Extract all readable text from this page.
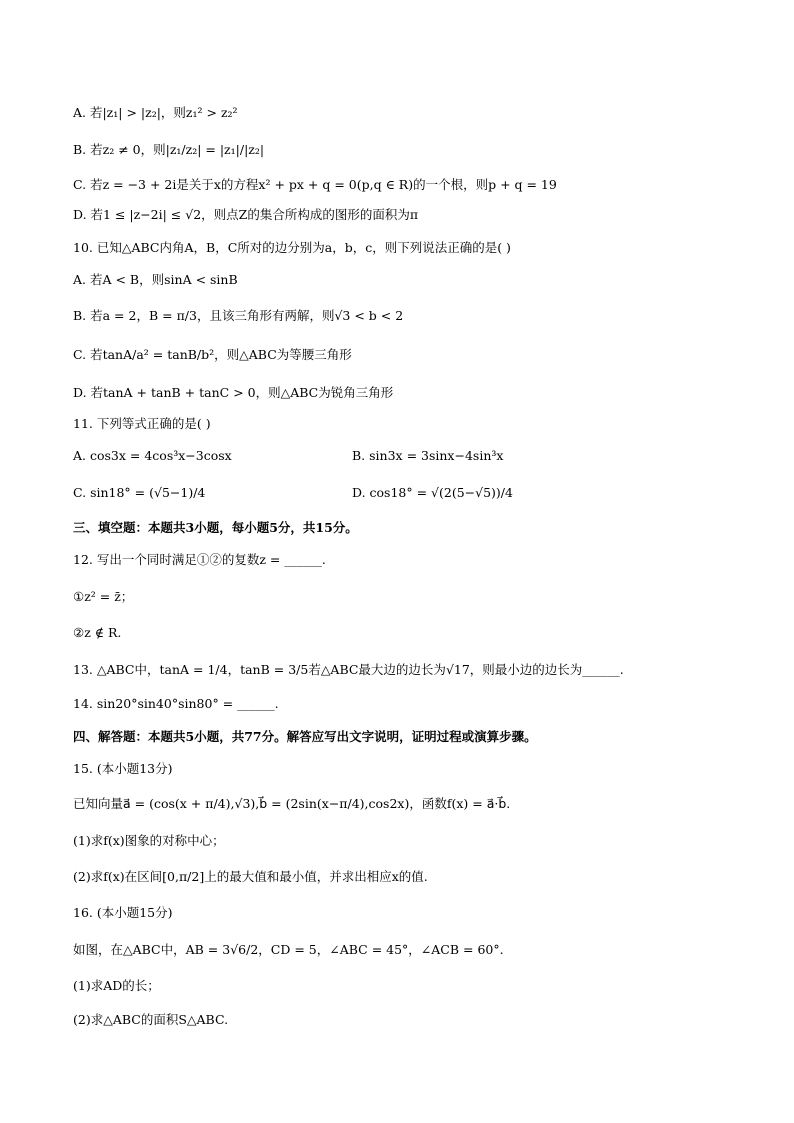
A. 若|z₁| > |z₂|，则z₁² > z₂²
B. 若z₂ ≠ 0，则|z₁/z₂| = |z₁|/|z₂|
C. 若z = −3 + 2i是关于x的方程x² + px + q = 0(p,q ∈ R)的一个根，则p + q = 19
D. 若1 ≤ |z−2i| ≤ √2，则点Z的集合所构成的图形的面积为π
10. 已知△ABC内角A，B，C所对的边分别为a，b，c，则下列说法正确的是( )
A. 若A < B，则sinA < sinB
B. 若a = 2，B = π/3，且该三角形有两解，则√3 < b < 2
C. 若tanA/a² = tanB/b²，则△ABC为等腰三角形
D. 若tanA + tanB + tanC > 0，则△ABC为锐角三角形
11. 下列等式正确的是( )
A. cos3x = 4cos³x−3cosx	B. sin3x = 3sinx−4sin³x
C. sin18° = (√5−1)/4	D. cos18° = √(2(5−√5))/4
三、填空题：本题共3小题，每小题5分，共15分。
12. 写出一个同时满足①②的复数z = ______.
①z² = z̄；
②z ∉ R.
13. △ABC中，tanA = 1/4，tanB = 3/5若△ABC最大边的边长为√17，则最小边的边长为______.
14. sin20°sin40°sin80° = ______.
四、解答题：本题共5小题，共77分。解答应写出文字说明，证明过程或演算步骤。
15. (本小题13分)
已知向量a⃗ = (cos(x + π/4),√3),b⃗ = (2sin(x−π/4),cos2x)，函数f(x) = a⃗·b⃗.
(1)求f(x)图象的对称中心；
(2)求f(x)在区间[0,π/2]上的最大值和最小值，并求出相应x的值.
16. (本小题15分)
如图，在△ABC中，AB = 3√6/2，CD = 5，∠ABC = 45°，∠ACB = 60°.
(1)求AD的长；
(2)求△ABC的面积S△ABC.
